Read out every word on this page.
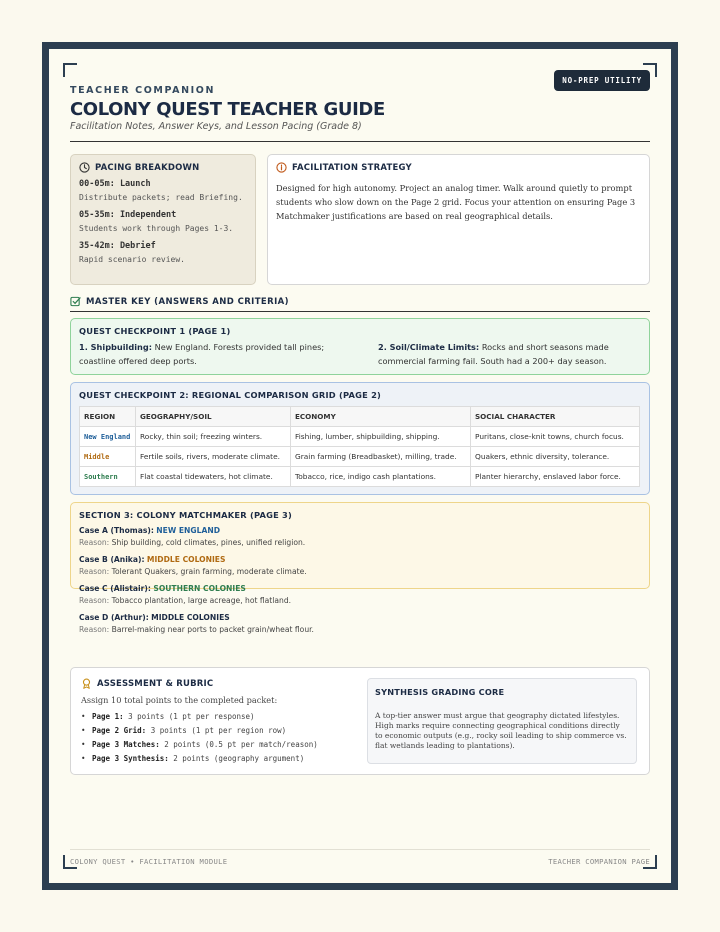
TEACHER COMPANION
COLONY QUEST TEACHER GUIDE
Facilitation Notes, Answer Keys, and Lesson Pacing (Grade 8)
NO-PREP UTILITY
PACING BREAKDOWN
00-05m: Launch
Distribute packets; read Briefing.
05-35m: Independent
Students work through Pages 1-3.
35-42m: Debrief
Rapid scenario review.
FACILITATION STRATEGY
Designed for high autonomy. Project an analog timer. Walk around quietly to prompt students who slow down on the Page 2 grid. Focus your attention on ensuring Page 3 Matchmaker justifications are based on real geographical details.
MASTER KEY (ANSWERS AND CRITERIA)
QUEST CHECKPOINT 1 (PAGE 1)
1. Shipbuilding: New England. Forests provided tall pines; coastline offered deep ports.
2. Soil/Climate Limits: Rocks and short seasons made commercial farming fail. South had a 200+ day season.
QUEST CHECKPOINT 2: REGIONAL COMPARISON GRID (PAGE 2)
REGION	GEOGRAPHY/SOIL	ECONOMY	SOCIAL CHARACTER
New England	Rocky, thin soil; freezing winters.	Fishing, lumber, shipbuilding, shipping.	Puritans, close-knit towns, church focus.
Middle	Fertile soils, rivers, moderate climate.	Grain farming (Breadbasket), milling, trade.	Quakers, ethnic diversity, tolerance.
Southern	Flat coastal tidewaters, hot climate.	Tobacco, rice, indigo cash plantations.	Planter hierarchy, enslaved labor force.
SECTION 3: COLONY MATCHMAKER (PAGE 3)
Case A (Thomas): NEW ENGLAND
Reason: Ship building, cold climates, pines, unified religion.
Case B (Anika): MIDDLE COLONIES
Reason: Tolerant Quakers, grain farming, moderate climate.
Case C (Alistair): SOUTHERN COLONIES
Reason: Tobacco plantation, large acreage, hot flatland.
Case D (Arthur): MIDDLE COLONIES
Reason: Barrel-making near ports to packet grain/wheat flour.
ASSESSMENT & RUBRIC
Assign 10 total points to the completed packet:
• Page 1: 3 points (1 pt per response)
• Page 2 Grid: 3 points (1 pt per region row)
• Page 3 Matches: 2 points (0.5 pt per match/reason)
• Page 3 Synthesis: 2 points (geography argument)
SYNTHESIS GRADING CORE
A top-tier answer must argue that geography dictated lifestyles. High marks require connecting geographical conditions directly to economic outputs (e.g., rocky soil leading to ship commerce vs. flat wetlands leading to plantations).
COLONY QUEST • FACILITATION MODULE	TEACHER COMPANION PAGE
